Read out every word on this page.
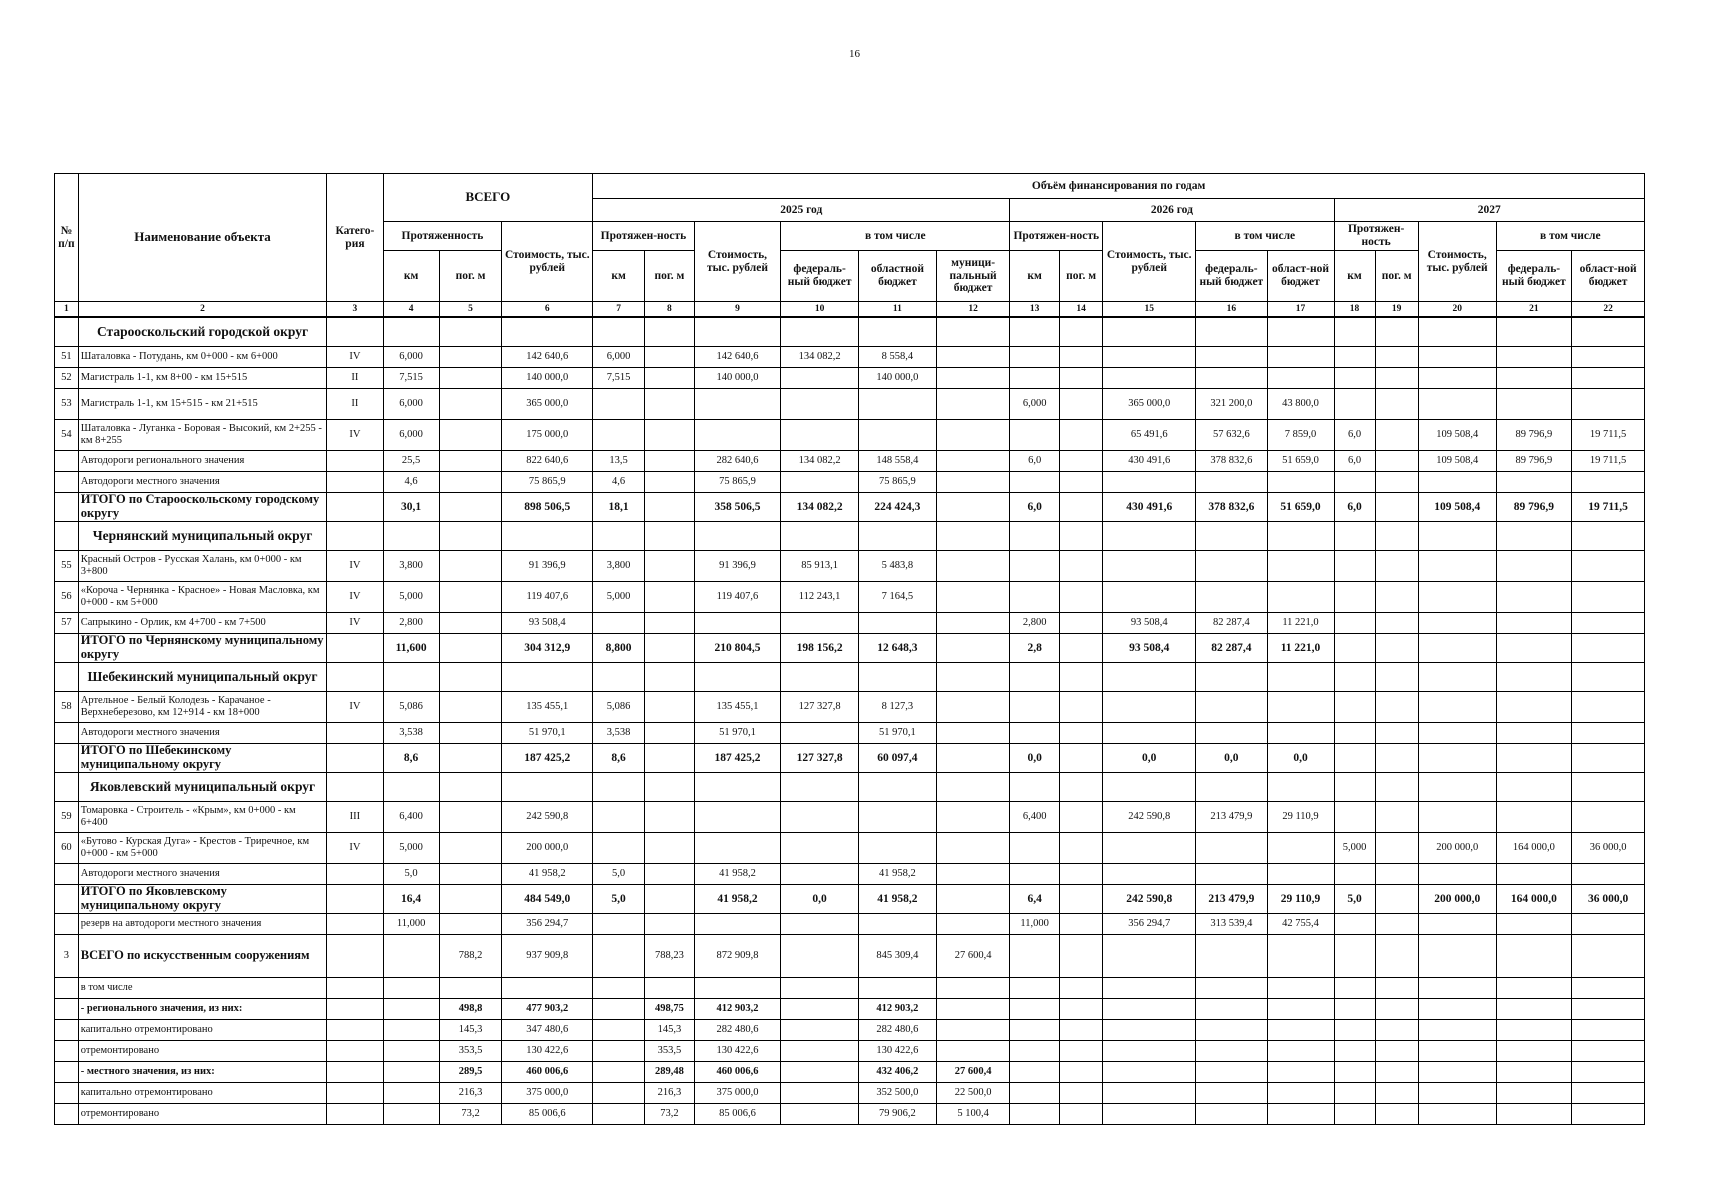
16
№ п/п	Наименование объекта	Катего-рия	ВСЕГО			Объём финансирования по годам															
						2025 год						2026 год					2027				
			Протяженность		Стоимость, тыс. рублей	Протяжен-ность		Стоимость, тыс. рублей	в том числе			Протяжен-ность		Стоимость, тыс. рублей	в том числе		Протяжен-ность		Стоимость, тыс. рублей	в том числе	
			км	пог. м		км	пог. м		федераль-ный бюджет	областной бюджет	муници-пальный бюджет	км	пог. м		федераль-ный бюджет	област-ной бюджет	км	пог. м		федераль-ный бюджет	област-ной бюджет
1	2	3	4	5	6	7	8	9	10	11	12	13	14	15	16	17	18	19	20	21	22
	Старооскольский городской округ																				
51	Шаталовка - Потудань, км 0+000 - км 6+000	IV	6,000		142 640,6	6,000		142 640,6	134 082,2	8 558,4											
52	Магистраль 1-1, км 8+00 - км 15+515	II	7,515		140 000,0	7,515		140 000,0		140 000,0											
53	Магистраль 1-1, км 15+515 - км 21+515	II	6,000		365 000,0							6,000		365 000,0	321 200,0	43 800,0					
54	Шаталовка - Луганка - Боровая - Высокий, км 2+255 - км 8+255	IV	6,000		175 000,0									65 491,6	57 632,6	7 859,0	6,0		109 508,4	89 796,9	19 711,5
	Автодороги регионального значения		25,5		822 640,6	13,5		282 640,6	134 082,2	148 558,4		6,0		430 491,6	378 832,6	51 659,0	6,0		109 508,4	89 796,9	19 711,5
	Автодороги местного значения		4,6		75 865,9	4,6		75 865,9		75 865,9											
	ИТОГО по Старооскольскому городскому округу		30,1		898 506,5	18,1		358 506,5	134 082,2	224 424,3		6,0		430 491,6	378 832,6	51 659,0	6,0		109 508,4	89 796,9	19 711,5
	Чернянский муниципальный округ																				
55	Красный Остров - Русская Халань, км 0+000 - км 3+800	IV	3,800		91 396,9	3,800		91 396,9	85 913,1	5 483,8											
56	«Короча - Чернянка - Красное» - Новая Масловка, км 0+000 - км 5+000	IV	5,000		119 407,6	5,000		119 407,6	112 243,1	7 164,5											
57	Сапрыкино - Орлик, км 4+700 - км 7+500	IV	2,800		93 508,4							2,800		93 508,4	82 287,4	11 221,0					
	ИТОГО по Чернянскому муниципальному округу		11,600		304 312,9	8,800		210 804,5	198 156,2	12 648,3		2,8		93 508,4	82 287,4	11 221,0					
	Шебекинский муниципальный округ																				
58	Артельное - Белый Колодезь - Карачаное - Верхнеберезово, км 12+914 - км 18+000	IV	5,086		135 455,1	5,086		135 455,1	127 327,8	8 127,3											
	Автодороги местного значения		3,538		51 970,1	3,538		51 970,1		51 970,1											
	ИТОГО по Шебекинскому муниципальному округу		8,6		187 425,2	8,6		187 425,2	127 327,8	60 097,4		0,0		0,0	0,0	0,0					
	Яковлевский муниципальный округ																				
59	Томаровка - Строитель - «Крым», км 0+000 - км 6+400	III	6,400		242 590,8							6,400		242 590,8	213 479,9	29 110,9					
60	«Бутово - Курская Дуга» - Крестов - Триречное, км 0+000 - км 5+000	IV	5,000		200 000,0												5,000		200 000,0	164 000,0	36 000,0
	Автодороги местного значения		5,0		41 958,2	5,0		41 958,2		41 958,2											
	ИТОГО по Яковлевскому муниципальному округу		16,4		484 549,0	5,0		41 958,2	0,0	41 958,2		6,4		242 590,8	213 479,9	29 110,9	5,0		200 000,0	164 000,0	36 000,0
	резерв на автодороги местного значения		11,000		356 294,7							11,000		356 294,7	313 539,4	42 755,4					
3	ВСЕГО по искусственным сооружениям			788,2	937 909,8		788,23	872 909,8		845 309,4	27 600,4										
	в том числе																				
	- регионального значения, из них:			498,8	477 903,2		498,75	412 903,2		412 903,2											
	капитально отремонтировано			145,3	347 480,6		145,3	282 480,6		282 480,6											
	отремонтировано			353,5	130 422,6		353,5	130 422,6		130 422,6											
	- местного значения, из них:			289,5	460 006,6		289,48	460 006,6		432 406,2	27 600,4										
	капитально отремонтировано			216,3	375 000,0		216,3	375 000,0		352 500,0	22 500,0										
	отремонтировано			73,2	85 006,6		73,2	85 006,6		79 906,2	5 100,4										
